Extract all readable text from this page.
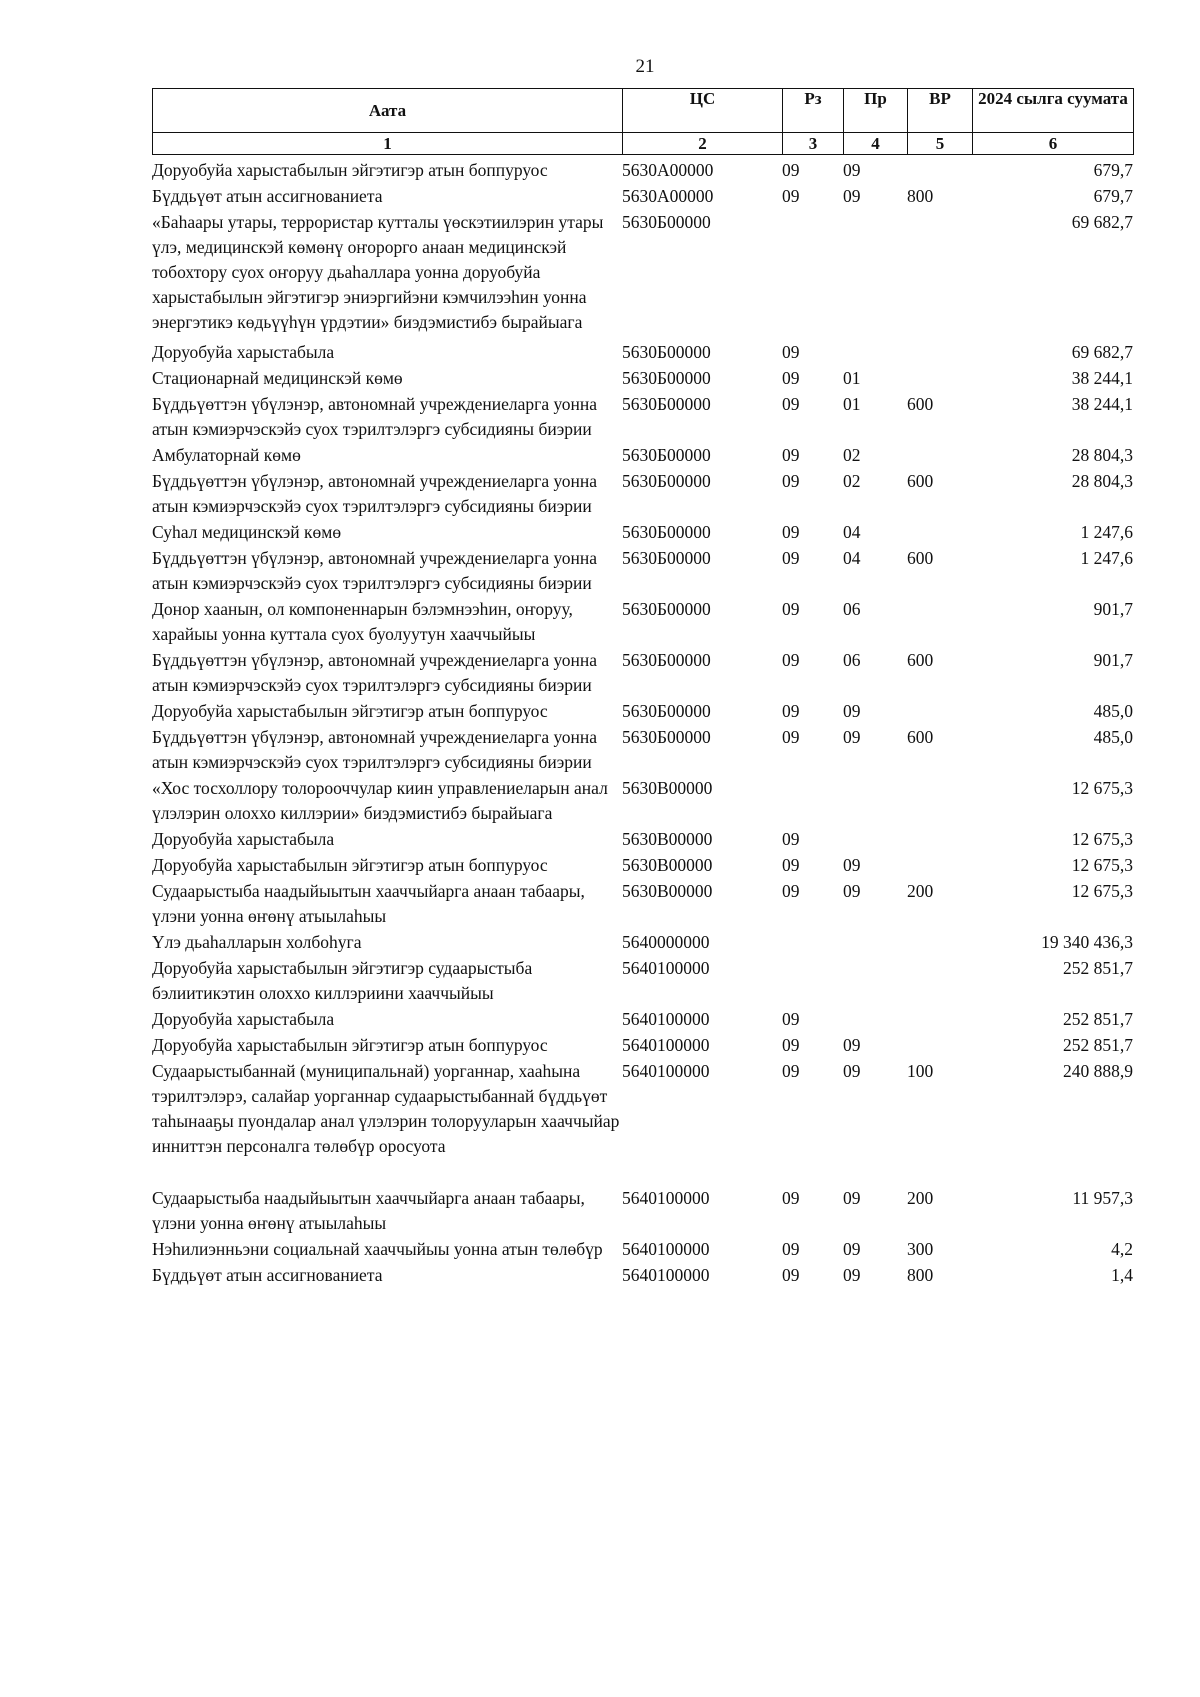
21
Аата	ЦС	Рз	Пр	ВР	2024 сылга суумата
1	2	3	4	5	6
Доруобуйа харыстабылын эйгэтигэр атын боппуруос	5630А00000	09	09		679,7
Бүддьүөт атын ассигнованиета	5630А00000	09	09	800	679,7
«Баһаары утары, террористар кутталы үөскэтиилэрин утары үлэ, медицинскэй көмөнү оҥорорго анаан медицинскэй тобохтору суох оҥоруу дьаһаллара уонна доруобуйа харыстабылын эйгэтигэр эниэргийэни кэмчилээһин уонна энергэтикэ көдьүүһүн үрдэтии» биэдэмистибэ бырайыага	5630Б00000				69 682,7
Доруобуйа харыстабыла	5630Б00000	09			69 682,7
Стационарнай медицинскэй көмө	5630Б00000	09	01		38 244,1
Бүддьүөттэн үбүлэнэр, автономнай учреждениеларга уонна атын кэмиэрчэскэйэ суох тэрилтэлэргэ субсидияны биэрии	5630Б00000	09	01	600	38 244,1
Амбулаторнай көмө	5630Б00000	09	02		28 804,3
Бүддьүөттэн үбүлэнэр, автономнай учреждениеларга уонна атын кэмиэрчэскэйэ суох тэрилтэлэргэ субсидияны биэрии	5630Б00000	09	02	600	28 804,3
Суһал медицинскэй көмө	5630Б00000	09	04		1 247,6
Бүддьүөттэн үбүлэнэр, автономнай учреждениеларга уонна атын кэмиэрчэскэйэ суох тэрилтэлэргэ субсидияны биэрии	5630Б00000	09	04	600	1 247,6
Донор хаанын, ол компоненнарын бэлэмнээһин, оҥоруу, харайыы уонна куттала суох буолуутун хааччыйыы	5630Б00000	09	06		901,7
Бүддьүөттэн үбүлэнэр, автономнай учреждениеларга уонна атын кэмиэрчэскэйэ суох тэрилтэлэргэ субсидияны биэрии	5630Б00000	09	06	600	901,7
Доруобуйа харыстабылын эйгэтигэр атын боппуруос	5630Б00000	09	09		485,0
Бүддьүөттэн үбүлэнэр, автономнай учреждениеларга уонна атын кэмиэрчэскэйэ суох тэрилтэлэргэ субсидияны биэрии	5630Б00000	09	09	600	485,0
«Хос тосхоллору толорооччулар киин управлениеларын анал үлэлэрин олоххо киллэрии» биэдэмистибэ бырайыага	5630В00000				12 675,3
Доруобуйа харыстабыла	5630В00000	09			12 675,3
Доруобуйа харыстабылын эйгэтигэр атын боппуруос	5630В00000	09	09		12 675,3
Судаарыстыба наадыйыытын хааччыйарга анаан табаары, үлэни уонна өҥөнү атыылаһыы	5630В00000	09	09	200	12 675,3
Үлэ дьаһалларын холбоһуга	5640000000				19 340 436,3
Доруобуйа харыстабылын эйгэтигэр судаарыстыба бэлиитикэтин олоххо киллэриини хааччыйыы	5640100000				252 851,7
Доруобуйа харыстабыла	5640100000	09			252 851,7
Доруобуйа харыстабылын эйгэтигэр атын боппуруос	5640100000	09	09		252 851,7
Судаарыстыбаннай (муниципальнай) уорганнар, хааһына тэрилтэлэрэ, салайар уорганнар судаарыстыбаннай бүддьүөт таһынааҕы пуондалар анал үлэлэрин толорууларын хааччыйар инниттэн персоналга төлөбүр оросуота	5640100000	09	09	100	240 888,9
Судаарыстыба наадыйыытын хааччыйарга анаан табаары, үлэни уонна өҥөнү атыылаһыы	5640100000	09	09	200	11 957,3
Нэһилиэнньэни социальнай хааччыйыы уонна атын төлөбүр	5640100000	09	09	300	4,2
Бүддьүөт атын ассигнованиета	5640100000	09	09	800	1,4
